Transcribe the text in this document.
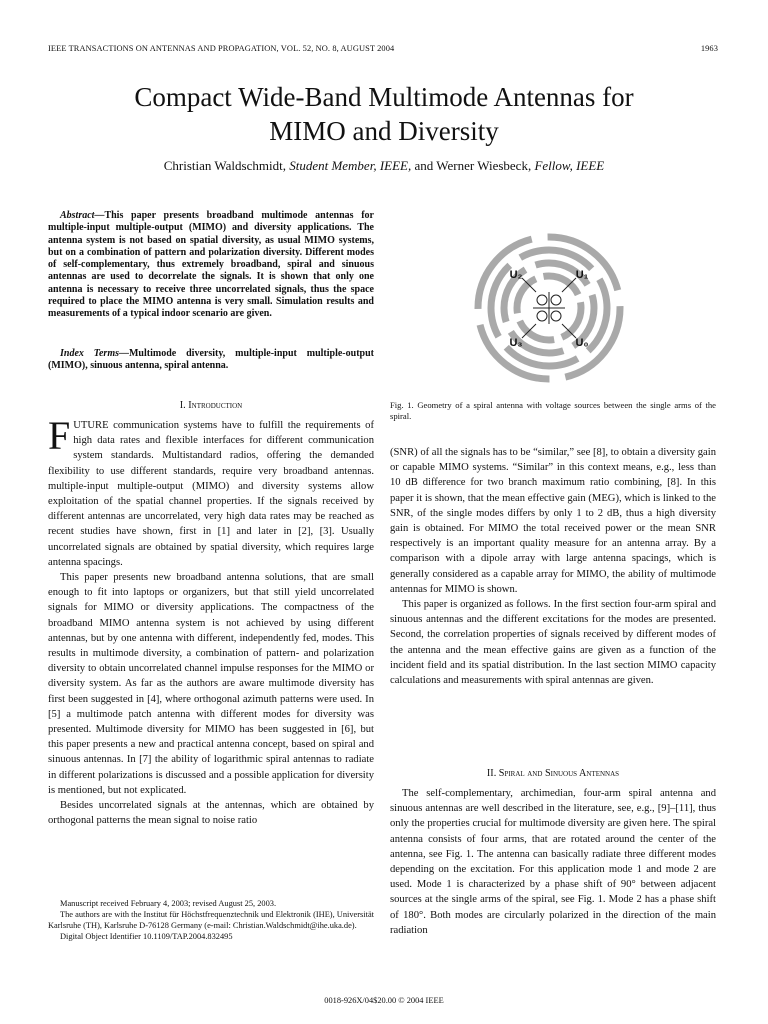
IEEE TRANSACTIONS ON ANTENNAS AND PROPAGATION, VOL. 52, NO. 8, AUGUST 2004	1963
Compact Wide-Band Multimode Antennas for
MIMO and Diversity
Christian Waldschmidt, Student Member, IEEE, and Werner Wiesbeck, Fellow, IEEE

Abstract—This paper presents broadband multimode antennas for multiple-input multiple-output (MIMO) and diversity applications. The antenna system is not based on spatial diversity, as usual MIMO systems, but on a combination of pattern and polarization diversity. Different modes of self-complementary, thus extremely broadband, spiral and sinuous antennas are used to decorrelate the signals. It is shown that only one antenna is necessary to receive three uncorrelated signals, thus the space required to place the MIMO antenna is very small. Simulation results and measurements of a typical indoor scenario are given.

Index Terms—Multimode diversity, multiple-input multiple-output (MIMO), sinuous antenna, spiral antenna.

I. Introduction

FUTURE communication systems have to fulfill the requirements of high data rates and flexible interfaces for different communication system standards. Multistandard radios, offering the demanded flexibility to use different standards, require very broadband antennas. multiple-input multiple-output (MIMO) and diversity systems allow exploitation of the spatial channel properties. If the signals received by different antennas are uncorrelated, very high data rates may be reached as recent studies have shown, first in [1] and later in [2], [3]. Usually uncorrelated signals are obtained by spatial diversity, which requires large antenna spacings.

This paper presents new broadband antenna solutions, that are small enough to fit into laptops or organizers, but that still yield uncorrelated signals for MIMO or diversity applications. The compactness of the broadband MIMO antenna system is not achieved by using different antennas, but by one antenna with different, independently fed, modes. This results in multimode diversity, a combination of pattern- and polarization diversity to obtain uncorrelated channel impulse responses for the MIMO or diversity system. As far as the authors are aware multimode diversity has first been suggested in [4], where orthogonal azimuth patterns were used. In [5] a multimode patch antenna with different modes for diversity was presented. Multimode diversity for MIMO has been suggested in [6], but this paper presents a new and practical antenna concept, based on spiral and sinuous antennas. In [7] the ability of logarithmic spiral antennas to radiate in different polarizations is discussed and a possible application for diversity is mentioned, but not explicated.

Besides uncorrelated signals at the antennas, which are obtained by orthogonal patterns the mean signal to noise ratio

Manuscript received February 4, 2003; revised August 25, 2003.

The authors are with the Institut für Höchstfrequenztechnik und Elektronik (IHE), Universität Karlsruhe (TH), Karlsruhe D-76128 Germany (e-mail: Christian.Waldschmidt@ihe.uka.de).

Digital Object Identifier 10.1109/TAP.2004.832495

U₂	U₁
U₃	U₀

Fig. 1. Geometry of a spiral antenna with voltage sources between the single arms of the spiral.

(SNR) of all the signals has to be “similar,” see [8], to obtain a diversity gain or capable MIMO systems. “Similar” in this context means, e.g., less than 10 dB difference for two branch maximum ratio combining, [8]. In this paper it is shown, that the mean effective gain (MEG), which is linked to the SNR, of the single modes differs by only 1 to 2 dB, thus a high diversity gain is obtained. For MIMO the total received power or the mean SNR respectively is an important quality measure for an antenna array. By a comparison with a dipole array with large antenna spacings, which is generally considered as a capable array for MIMO, the ability of multimode antennas for MIMO is shown.

This paper is organized as follows. In the first section four-arm spiral and sinuous antennas and the different excitations for the modes are presented. Second, the correlation properties of signals received by different modes of the antenna and the mean effective gains are given as a function of the incident field and its spatial distribution. In the last section MIMO capacity calculations and measurements with spiral antennas are given.

II. Spiral and Sinuous Antennas

The self-complementary, archimedian, four-arm spiral antenna and sinuous antennas are well described in the literature, see, e.g., [9]–[11], thus only the properties crucial for multimode diversity are given here. The spiral antenna consists of four arms, that are rotated around the center of the antenna, see Fig. 1. The antenna can basically radiate three different modes depending on the excitation. For this application mode 1 and mode 2 are used. Mode 1 is characterized by a phase shift of 90° between adjacent sources at the single arms of the spiral, see Fig. 1. Mode 2 has a phase shift of 180°. Both modes are circularly polarized in the direction of the main radiation

0018-926X/04$20.00 © 2004 IEEE
